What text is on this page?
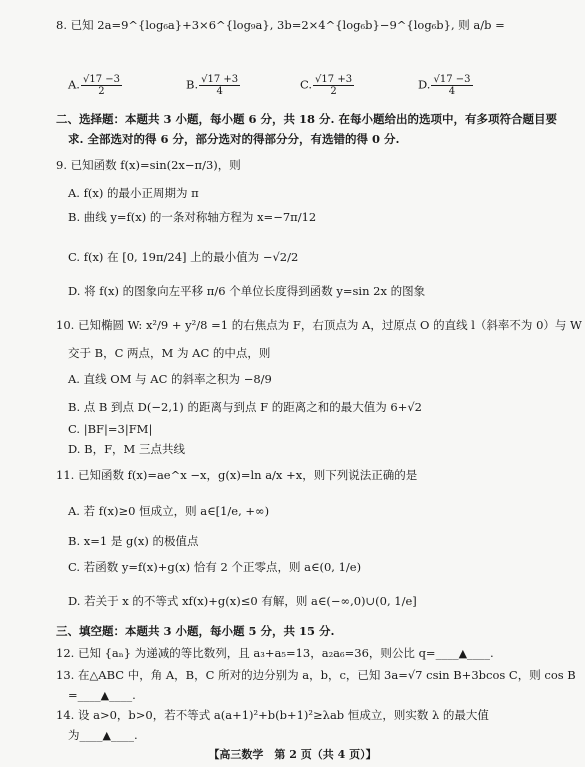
8. 已知 2a=9^{log₆a}+3×6^{log₉a}, 3b=2×4^{log₆b}−9^{log₆b}, 则 a/b =
A. $\frac{√17 -3}{2}$	B. $\frac{√17 +3}{4}$	C. $\frac{√17 +3}{2}$	D. $\frac{√17 -3}{4}$
二、选择题：本题共 3 小题，每小题 6 分，共 18 分. 在每小题给出的选项中，有多项符合题目要
求. 全部选对的得 6 分，部分选对的得部分分，有选错的得 0 分.
9. 已知函数 f(x)=sin(2x−π/3)，则
A. f(x) 的最小正周期为 π
B. 曲线 y=f(x) 的一条对称轴方程为 x=−7π/12
C. f(x) 在 [0, 19π/24] 上的最小值为 −√2/2
D. 将 f(x) 的图象向左平移 π/6 个单位长度得到函数 y=sin 2x 的图象
10. 已知椭圆 W: x²/9 + y²/8 =1 的右焦点为 F，右顶点为 A，过原点 O 的直线 l（斜率不为 0）与 W
交于 B，C 两点，M 为 AC 的中点，则
A. 直线 OM 与 AC 的斜率之积为 −8/9
B. 点 B 到点 D(−2,1) 的距离与到点 F 的距离之和的最大值为 6+√2
C. |BF|=3|FM|
D. B，F，M 三点共线
11. 已知函数 f(x)=ae^x −x，g(x)=ln a/x +x，则下列说法正确的是
A. 若 f(x)≥0 恒成立，则 a∈[1/e, +∞)
B. x=1 是 g(x) 的极值点
C. 若函数 y=f(x)+g(x) 恰有 2 个正零点，则 a∈(0, 1/e)
D. 若关于 x 的不等式 xf(x)+g(x)≤0 有解，则 a∈(−∞,0)∪(0, 1/e]
三、填空题：本题共 3 小题，每小题 5 分，共 15 分.
12. 已知 {aₙ} 为递减的等比数列，且 a₃+a₅=13，a₂a₆=36，则公比 q=____▲____.
13. 在△ABC 中，角 A，B，C 所对的边分别为 a，b，c，已知 3a=√7 csin B+3bcos C，则 cos B
=____▲____.
14. 设 a>0，b>0，若不等式 a(a+1)²+b(b+1)²≥λab 恒成立，则实数 λ 的最大值
为____▲____.
【高三数学　第 2 页（共 4 页）】
